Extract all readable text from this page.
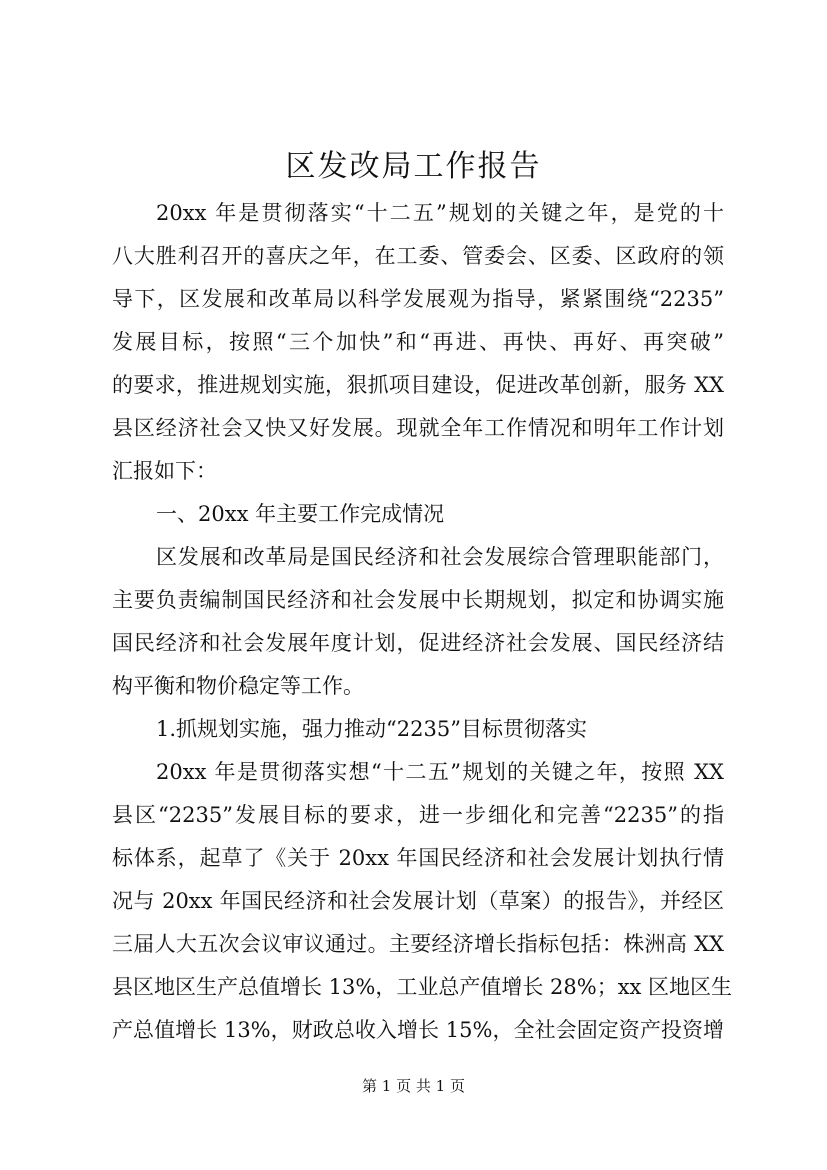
区发改局工作报告
20xx 年是贯彻落实“十二五”规划的关键之年，是党的十
八大胜利召开的喜庆之年，在工委、管委会、区委、区政府的领
导下，区发展和改革局以科学发展观为指导，紧紧围绕“2235”
发展目标，按照“三个加快”和“再进、再快、再好、再突破”
的要求，推进规划实施，狠抓项目建设，促进改革创新，服务 XX
县区经济社会又快又好发展。现就全年工作情况和明年工作计划
汇报如下：
一、20xx 年主要工作完成情况
区发展和改革局是国民经济和社会发展综合管理职能部门，
主要负责编制国民经济和社会发展中长期规划，拟定和协调实施
国民经济和社会发展年度计划，促进经济社会发展、国民经济结
构平衡和物价稳定等工作。
1.抓规划实施，强力推动“2235”目标贯彻落实
20xx 年是贯彻落实想“十二五”规划的关键之年，按照 XX
县区“2235”发展目标的要求，进一步细化和完善“2235”的指
标体系，起草了《关于 20xx 年国民经济和社会发展计划执行情
况与 20xx 年国民经济和社会发展计划（草案）的报告》，并经区
三届人大五次会议审议通过。主要经济增长指标包括：株洲高 XX
县区地区生产总值增长 13%，工业总产值增长 28%；xx 区地区生
产总值增长 13%，财政总收入增长 15%，全社会固定资产投资增
第 1 页 共 1 页
